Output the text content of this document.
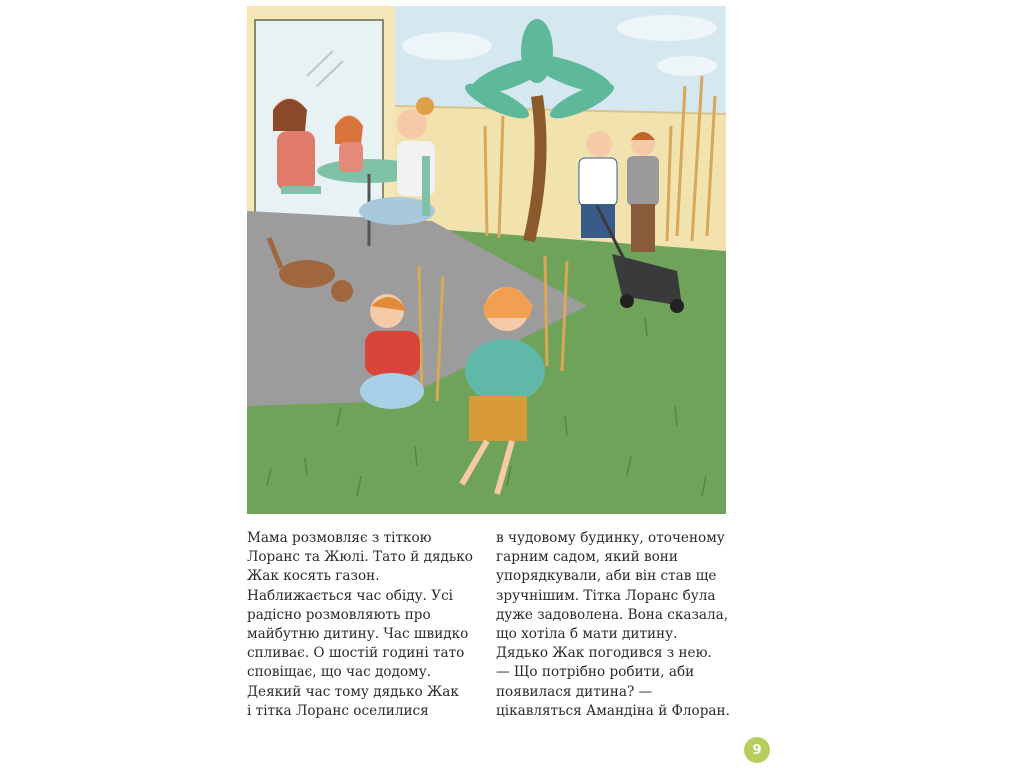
Мама розмовляє з тіткою
Лоранс та Жюлі. Тато й дядько
Жак косять газон.
Наближається час обіду. Усі
радісно розмовляють про
майбутню дитину. Час швидко
спливає. О шостій годині тато
сповіщає, що час додому.
Деякий час тому дядько Жак
і тітка Лоранс оселилися
в чудовому будинку, оточеному
гарним садом, який вони
упорядкували, аби він став ще
зручнішим. Тітка Лоранс була
дуже задоволена. Вона сказала,
що хотіла б мати дитину.
Дядько Жак погодився з нею.
— Що потрібно робити, аби
появилася дитина? —
цікавляться Амандіна й Флоран.
9
